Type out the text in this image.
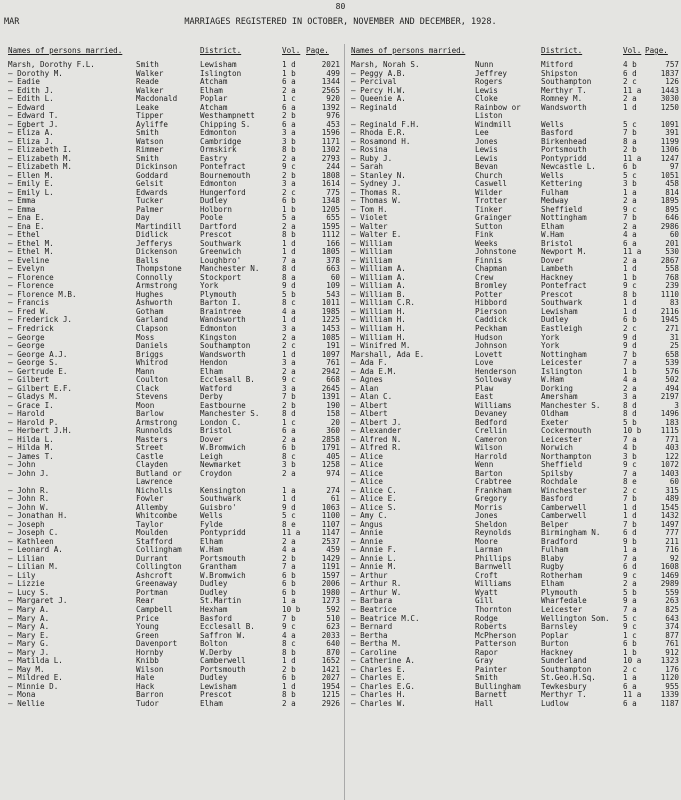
80
MAR	MARRIAGES REGISTERED IN OCTOBER, NOVEMBER AND DECEMBER, 1928.
Names of persons married.		District.	Vol.	Page.
Marsh, Dorothy F.L.	Smith	Lewisham	1 d	2021
— Dorothy M.	Walker	Islington	1 b	499
— Eadie	Reade	Atcham	6 a	1344
— Edith J.	Walker	Elham	2 a	2565
— Edith L.	Macdonald	Poplar	1 c	920
— Edward	Leake	Atcham	6 a	1392
— Edward T.	Tipper	Westhampnett	2 b	976
— Egbert J.	Ayliffe	Chipping S.	6 a	453
— Eliza A.	Smith	Edmonton	3 a	1596
— Eliza J.	Watson	Cambridge	3 b	1171
— Elizabeth I.	Rimmer	Ormskirk	8 b	1302
— Elizabeth M.	Smith	Eastry	2 a	2793
— Elizabeth M.	Dickinson	Pontefract	9 c	244
— Ellen M.	Goddard	Bournemouth	2 b	1808
— Emily E.	Gelsit	Edmonton	3 a	1614
— Emily L.	Edwards	Hungerford	2 c	775
— Emma	Tucker	Dudley	6 b	1348
— Emma	Palmer	Holborn	1 b	1205
— Ena E.	Day	Poole	5 a	655
— Ena E.	Martindill	Dartford	2 a	1595
— Ethel	Didlick	Prescot	8 b	1112
— Ethel M.	Jefferys	Southwark	1 d	166
— Ethel M.	Dickenson	Greenwich	1 d	1805
— Eveline	Balls	Loughbro'	7 a	378
— Evelyn	Thompstone	Manchester N.	8 d	663
— Florence	Connolly	Stockport	8 a	60
— Florence	Armstrong	York	9 d	109
— Florence M.B.	Hughes	Plymouth	5 b	543
— Francis	Ashworth	Barton I.	8 c	1011
— Fred W.	Gotham	Braintree	4 a	1985
— Frederick J.	Garland	Wandsworth	1 d	1225
— Fredrick	Clapson	Edmonton	3 a	1453
— George	Moss	Kingston	2 a	1085
— George	Daniels	Southampton	2 c	191
— George A.J.	Briggs	Wandsworth	1 d	1097
— George S.	Whitrod	Hendon	3 a	761
— Gertrude E.	Mann	Elham	2 a	2942
— Gilbert	Coulton	Ecclesall B.	9 c	668
— Gilbert E.F.	Clack	Watford	3 a	2645
— Gladys M.	Stevens	Derby	7 b	1391
— Grace I.	Moon	Eastbourne	2 b	190
— Harold	Barlow	Manchester S.	8 d	158
— Harold P.	Armstrong	London C.	1 c	20
— Herbert J.H.	Runnolds	Bristol	6 a	360
— Hilda L.	Masters	Dover	2 a	2858
— Hilda M.	Street	W.Bromwich	6 b	1791
— James T.	Castle	Leigh	8 c	405
— John	Clayden	Newmarket	3 b	1258
— John J.	Butland or	Croydon	2 a	974
	Lawrence			
— John R.	Nicholls	Kensington	1 a	274
— John R.	Fowler	Southwark	1 d	61
— John W.	Allemby	Guisbro'	9 d	1063
— Jonathan H.	Whitcombe	Wells	5 c	1100
— Joseph	Taylor	Fylde	8 e	1107
— Joseph C.	Moulden	Pontypridd	11 a	1147
— Kathleen	Stafford	Elham	2 a	2537
— Leonard A.	Collingham	W.Ham	4 a	459
— Lilian	Durrant	Portsmouth	2 b	1429
— Lilian M.	Collington	Grantham	7 a	1191
— Lily	Ashcroft	W.Bromwich	6 b	1597
— Lizzie	Greenaway	Dudley	6 b	2006
— Lucy S.	Portman	Dudley	6 b	1980
— Margaret J.	Rear	St.Martin	1 a	1273
— Mary A.	Campbell	Hexham	10 b	592
— Mary A.	Price	Basford	7 b	510
— Mary A.	Young	Ecclesall B.	9 c	623
— Mary E.	Green	Saffron W.	4 a	2033
— Mary G.	Davenport	Bolton	8 c	640
— Mary J.	Hornby	W.Derby	8 b	870
— Matilda L.	Knibb	Camberwell	1 d	1652
— May M.	Wilson	Portsmouth	2 b	1421
— Mildred E.	Hale	Dudley	6 b	2027
— Minnie D.	Hack	Lewisham	1 d	1954
— Mona	Barron	Prescot	8 b	1215
— Nellie	Tudor	Elham	2 a	2926
Names of persons married.		District.	Vol.	Page.
Marsh, Norah S.	Nunn	Mitford	4 b	757
— Peggy A.B.	Jeffrey	Shipston	6 d	1837
— Percival	Rogers	Southampton	2 c	126
— Percy H.W.	Lewis	Merthyr T.	11 a	1443
— Queenie A.	Cloke	Romney M.	2 a	3030
— Reginald	Rainbow or	Wandsworth	1 d	1250
	Liston			
— Reginald F.H.	Windmill	Wells	5 c	1091
— Rhoda E.R.	Lee	Basford	7 b	391
— Rosamond H.	Jones	Birkenhead	8 a	1199
— Rosina	Lewis	Portsmouth	2 b	1306
— Ruby J.	Lewis	Pontypridd	11 a	1247
— Sarah	Bevan	Newcastle L.	6 b	97
— Stanley N.	Church	Wells	5 c	1051
— Sydney J.	Caswell	Kettering	3 b	458
— Thomas R.	Wilder	Fulham	1 a	814
— Thomas W.	Trotter	Medway	2 a	1895
— Tom H.	Tinker	Sheffield	9 c	895
— Violet	Grainger	Nottingham	7 b	646
— Walter	Sutton	Elham	2 a	2986
— Walter E.	Fink	W.Ham	4 a	60
— William	Weeks	Bristol	6 a	201
— William	Johnstone	Newport M.	11 a	530
— William	Finnis	Dover	2 a	2867
— William A.	Chapman	Lambeth	1 d	558
— William A.	Crew	Hackney	1 b	768
— William A.	Bromley	Pontefract	9 c	239
— William B.	Potter	Prescot	8 b	1110
— William C.R.	Hibbord	Southwark	1 d	83
— William H.	Pierson	Lewisham	1 d	2116
— William H.	Caddick	Dudley	6 b	1945
— William H.	Peckham	Eastleigh	2 c	271
— William H.	Hudson	York	9 d	31
— Winifred M.	Johnson	York	9 d	25
Marshall, Ada E.	Lovett	Nottingham	7 b	658
— Ada F.	Love	Leicester	7 a	539
— Ada E.M.	Henderson	Islington	1 b	576
— Agnes	Solloway	W.Ham	4 a	502
— Alan	Plaw	Dorking	2 a	494
— Alan C.	East	Amersham	3 a	2197
— Albert	Williams	Manchester S.	8 d	3
— Albert	Devaney	Oldham	8 d	1496
— Albert J.	Bedford	Exeter	5 b	183
— Alexander	Crellin	Cockermouth	10 b	1115
— Alfred N.	Cameron	Leicester	7 a	771
— Alfred R.	Wilson	Norwich	4 b	403
— Alice	Harrold	Northampton	3 b	122
— Alice	Wenn	Sheffield	9 c	1072
— Alice	Barton	Spilsby	7 a	1403
— Alice	Crabtree	Rochdale	8 e	60
— Alice C.	Frankham	Winchester	2 c	315
— Alice E.	Gregory	Basford	7 b	489
— Alice S.	Morris	Camberwell	1 d	1545
— Amy C.	Jones	Camberwell	1 d	1432
— Angus	Sheldon	Belper	7 b	1497
— Annie	Reynolds	Birmingham N.	6 d	777
— Annie	Moore	Bradford	9 b	211
— Annie F.	Larman	Fulham	1 a	716
— Annie L.	Phillips	Blaby	7 a	92
— Annie M.	Barnwell	Rugby	6 d	1608
— Arthur	Croft	Rotherham	9 c	1469
— Arthur R.	Williams	Elham	2 a	2989
— Arthur W.	Wyatt	Plymouth	5 b	559
— Barbara	Gill	Wharfedale	9 a	263
— Beatrice	Thornton	Leicester	7 a	825
— Beatrice M.C.	Rodge	Wellington Som.	5 c	643
— Bernard	Roberts	Barnsley	9 c	374
— Bertha	McPherson	Poplar	1 c	877
— Bertha M.	Patterson	Burton	6 b	761
— Caroline	Rapor	Hackney	1 b	912
— Catherine A.	Gray	Sunderland	10 a	1323
— Charles E.	Painter	Southampton	2 c	176
— Charles E.	Smith	St.Geo.H.Sq.	1 a	1120
— Charles E.G.	Bullingham	Tewkesbury	6 a	955
— Charles H.	Barnett	Merthyr T.	11 a	1339
— Charles W.	Hall	Ludlow	6 a	1187
